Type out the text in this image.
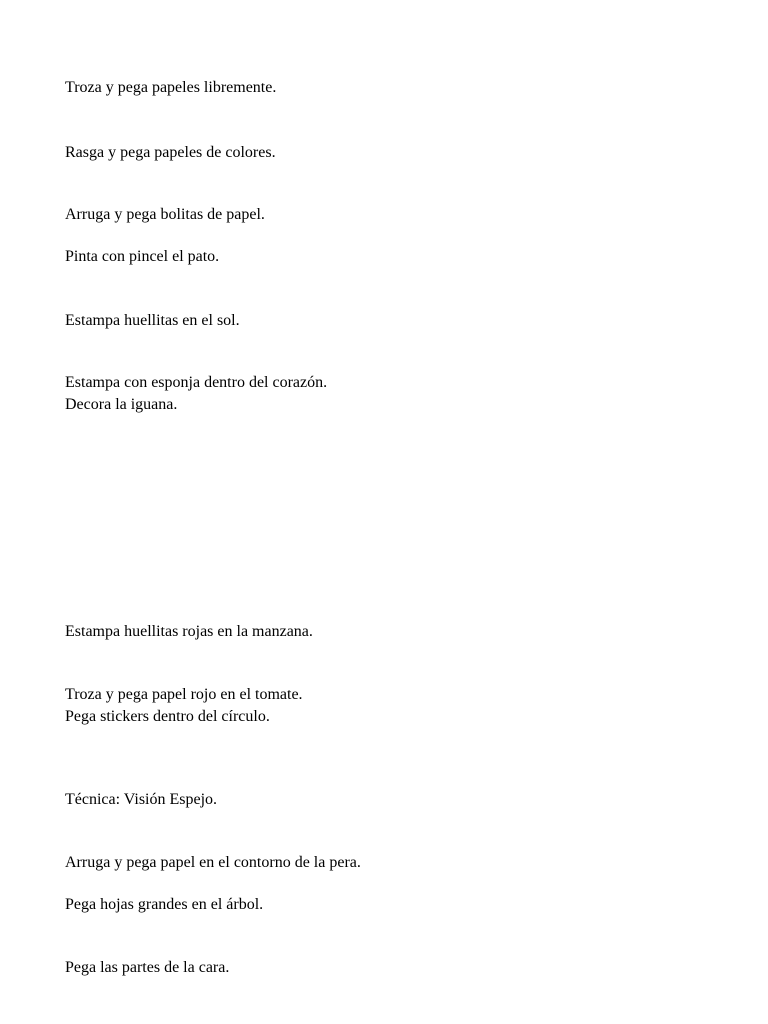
Troza y pega papeles libremente.

Rasga y pega papeles de colores.

Arruga y pega bolitas de papel.

Pinta con pincel el pato.

Estampa huellitas en el sol.

Estampa con esponja dentro del corazón.

Decora la iguana.

Estampa huellitas rojas en la manzana.

Troza y pega papel rojo en el tomate.

Pega stickers dentro del círculo.

Técnica: Visión Espejo.

Arruga y pega papel en el contorno de la pera.

Pega hojas grandes en el árbol.

Pega las partes de la cara.
